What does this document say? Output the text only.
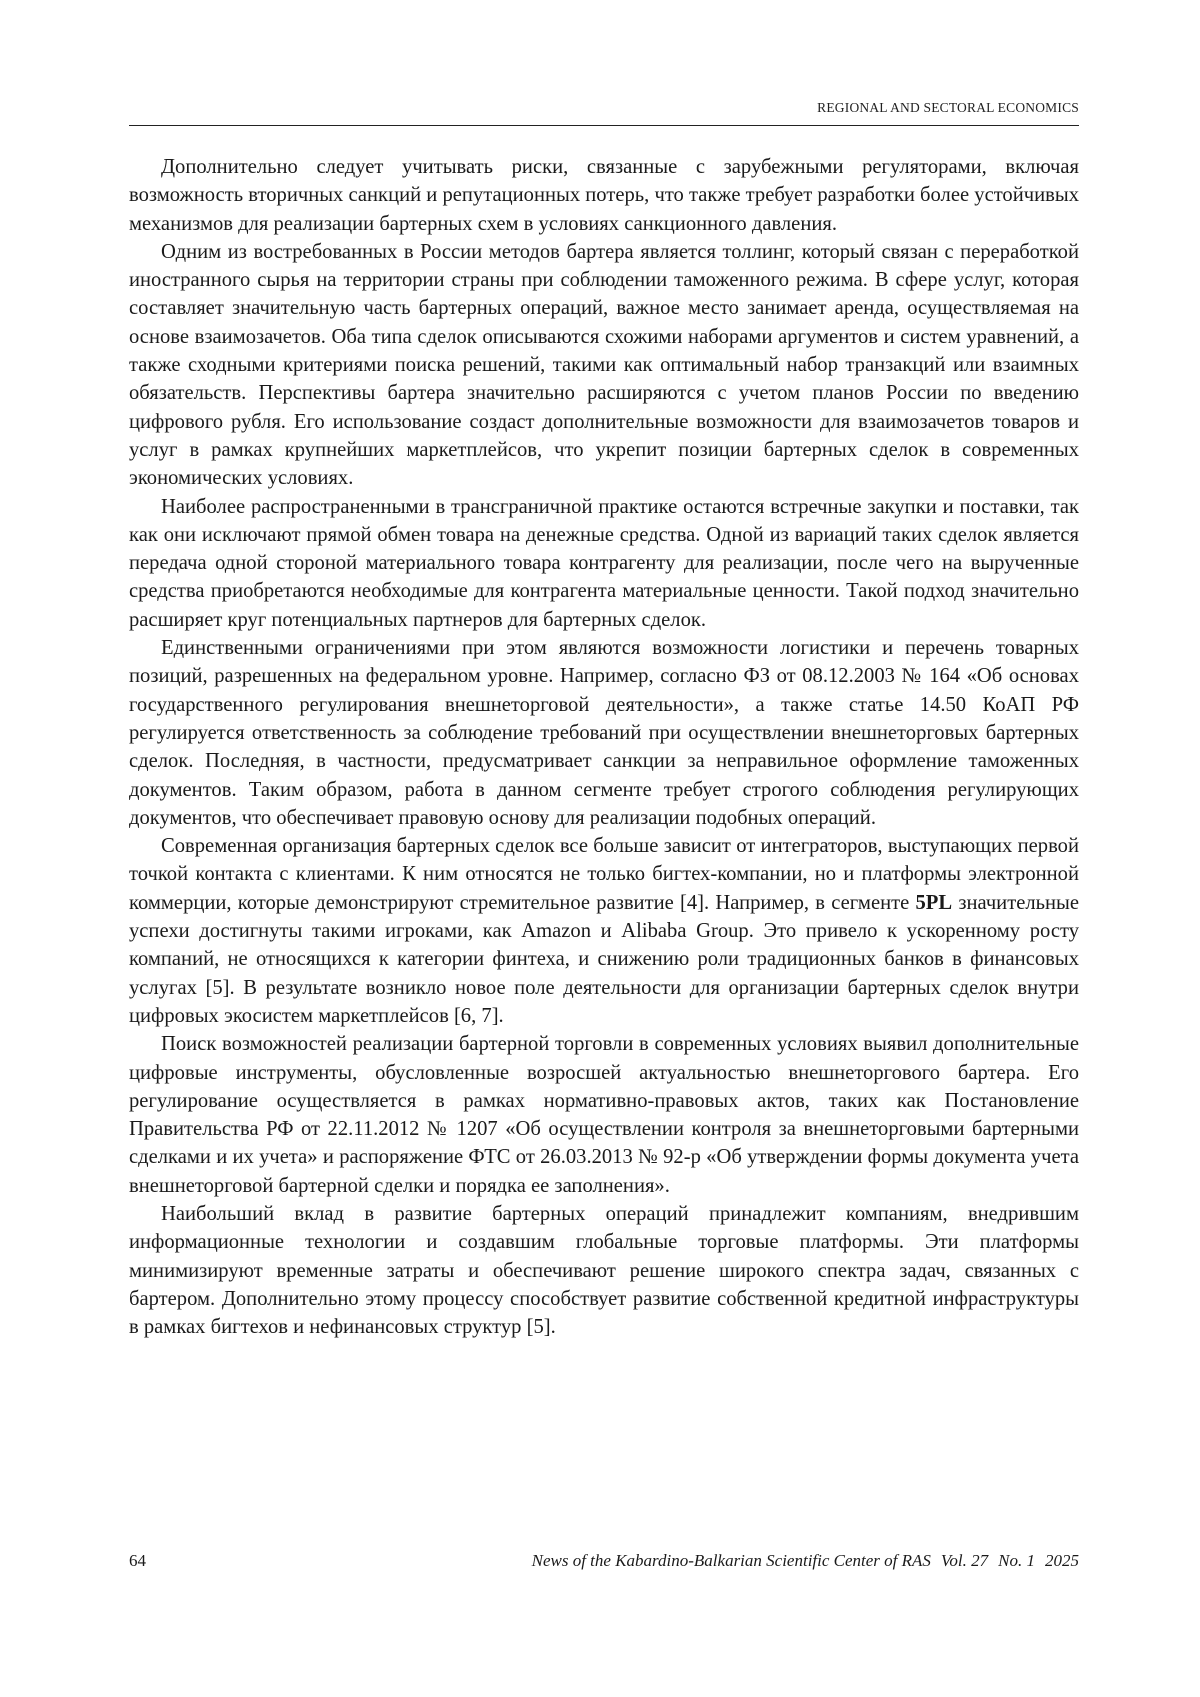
REGIONAL AND SECTORAL ECONOMICS

Дополнительно следует учитывать риски, связанные с зарубежными регуляторами, включая возможность вторичных санкций и репутационных потерь, что также требует разработки более устойчивых механизмов для реализации бартерных схем в условиях санкционного давления.

Одним из востребованных в России методов бартера является толлинг, который связан с переработкой иностранного сырья на территории страны при соблюдении таможенного режима. В сфере услуг, которая составляет значительную часть бартерных операций, важное место занимает аренда, осуществляемая на основе взаимозачетов. Оба типа сделок описываются схожими наборами аргументов и систем уравнений, а также сходными критериями поиска решений, такими как оптимальный набор транзакций или взаимных обязательств. Перспективы бартера значительно расширяются с учетом планов России по введению цифрового рубля. Его использование создаст дополнительные возможности для взаимозачетов товаров и услуг в рамках крупнейших маркетплейсов, что укрепит позиции бартерных сделок в современных экономических условиях.

Наиболее распространенными в трансграничной практике остаются встречные закупки и поставки, так как они исключают прямой обмен товара на денежные средства. Одной из вариаций таких сделок является передача одной стороной материального товара контрагенту для реализации, после чего на вырученные средства приобретаются необходимые для контрагента материальные ценности. Такой подход значительно расширяет круг потенциальных партнеров для бартерных сделок.

Единственными ограничениями при этом являются возможности логистики и перечень товарных позиций, разрешенных на федеральном уровне. Например, согласно ФЗ от 08.12.2003 № 164 «Об основах государственного регулирования внешнеторговой деятельности», а также статье 14.50 КоАП РФ регулируется ответственность за соблюдение требований при осуществлении внешнеторговых бартерных сделок. Последняя, в частности, предусматривает санкции за неправильное оформление таможенных документов. Таким образом, работа в данном сегменте требует строгого соблюдения регулирующих документов, что обеспечивает правовую основу для реализации подобных операций.

Современная организация бартерных сделок все больше зависит от интеграторов, выступающих первой точкой контакта с клиентами. К ним относятся не только бигтех-компании, но и платформы электронной коммерции, которые демонстрируют стремительное развитие [4]. Например, в сегменте 5PL значительные успехи достигнуты такими игроками, как Amazon и Alibaba Group. Это привело к ускоренному росту компаний, не относящихся к категории финтеха, и снижению роли традиционных банков в финансовых услугах [5]. В результате возникло новое поле деятельности для организации бартерных сделок внутри цифровых экосистем маркетплейсов [6, 7].

Поиск возможностей реализации бартерной торговли в современных условиях выявил дополнительные цифровые инструменты, обусловленные возросшей актуальностью внешнеторгового бартера. Его регулирование осуществляется в рамках нормативно-правовых актов, таких как Постановление Правительства РФ от 22.11.2012 № 1207 «Об осуществлении контроля за внешнеторговыми бартерными сделками и их учета» и распоряжение ФТС от 26.03.2013 № 92-р «Об утверждении формы документа учета внешнеторговой бартерной сделки и порядка ее заполнения».

Наибольший вклад в развитие бартерных операций принадлежит компаниям, внедрившим информационные технологии и создавшим глобальные торговые платформы. Эти платформы минимизируют временные затраты и обеспечивают решение широкого спектра задач, связанных с бартером. Дополнительно этому процессу способствует развитие собственной кредитной инфраструктуры в рамках бигтехов и нефинансовых структур [5].

64	News of the Kabardino-Balkarian Scientific Center of RAS Vol. 27 No. 1 2025
